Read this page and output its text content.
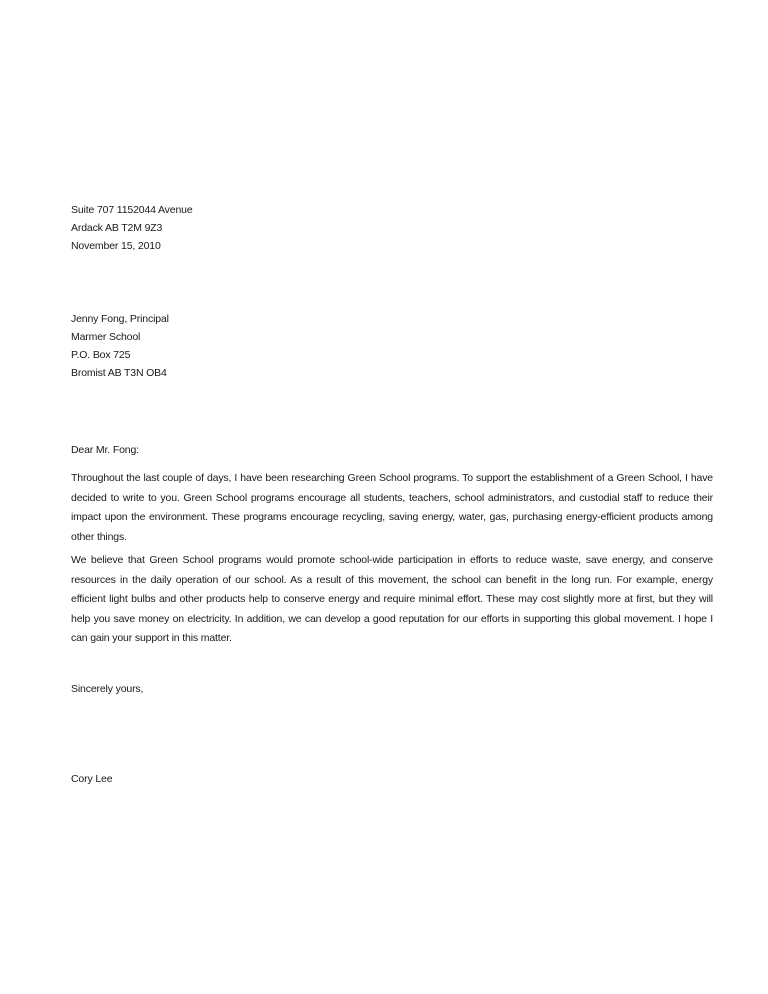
Suite 707 1152044 Avenue
Ardack AB T2M 9Z3
November 15, 2010
Jenny Fong, Principal
Marmer School
P.O. Box 725
Bromist AB T3N OB4
Dear Mr. Fong:

Throughout the last couple of days, I have been researching Green School programs. To support the establishment of a Green School, I have decided to write to you. Green School programs encourage all students, teachers, school administrators, and custodial staff to reduce their impact upon the environment. These programs encourage recycling, saving energy, water, gas, purchasing energy-efficient products among other things.

We believe that Green School programs would promote school-wide participation in efforts to reduce waste, save energy, and conserve resources in the daily operation of our school. As a result of this movement, the school can benefit in the long run. For example, energy efficient light bulbs and other products help to conserve energy and require minimal effort. These may cost slightly more at first, but they will help you save money on electricity. In addition, we can develop a good reputation for our efforts in supporting this global movement. I hope I can gain your support in this matter.

Sincerely yours,
Cory Lee
